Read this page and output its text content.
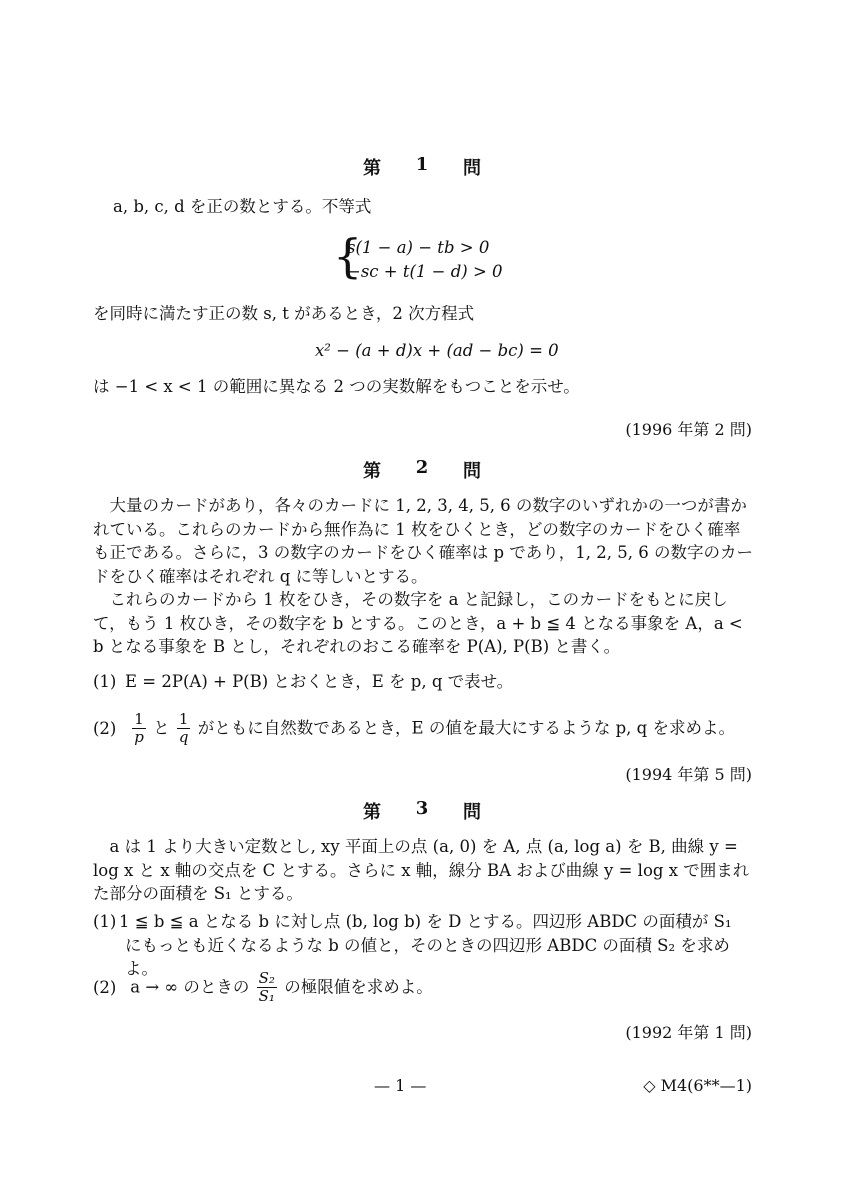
第 1 問
a, b, c, d を正の数とする。不等式
{
s(1 − a) − tb > 0
−sc + t(1 − d) > 0
を同時に満たす正の数 s, t があるとき，2 次方程式
x² − (a + d)x + (ad − bc) = 0
は −1 < x < 1 の範囲に異なる 2 つの実数解をもつことを示せ。
(1996 年第 2 問)
第 2 問
大量のカードがあり，各々のカードに 1, 2, 3, 4, 5, 6 の数字のいずれかの一つが書かれている。これらのカードから無作為に 1 枚をひくとき，どの数字のカードをひく確率も正である。さらに，3 の数字のカードをひく確率は p であり，1, 2, 5, 6 の数字のカードをひく確率はそれぞれ q に等しいとする。
これらのカードから 1 枚をひき，その数字を a と記録し，このカードをもとに戻して，もう 1 枚ひき，その数字を b とする。このとき，a + b ≦ 4 となる事象を A，a < b となる事象を B とし，それぞれのおこる確率を P(A), P(B) と書く。
(1) E = 2P(A) + P(B) とおくとき，E を p, q で表せ。
$(2) \frac{1}{p}$ と $\frac{1}{q}$ がともに自然数であるとき，E の値を最大にするような p, q を求めよ。
(1994 年第 5 問)
第 3 問
a は 1 より大きい定数とし, xy 平面上の点 (a, 0) を A, 点 (a, log a) を B, 曲線 y = log x と x 軸の交点を C とする。さらに x 軸，線分 BA および曲線 y = log x で囲まれた部分の面積を S₁ とする。
(1) 1 ≦ b ≦ a となる b に対し点 (b, log b) を D とする。四辺形 ABDC の面積が S₁ にもっとも近くなるような b の値と，そのときの四辺形 ABDC の面積 S₂ を求めよ。
(2) a → ∞ のときの $\frac{\text{S₂}}{\text{S₁}}$ の極限値を求めよ。
(1992 年第 1 問)
— 1 —	◇ M4(6**—1)
